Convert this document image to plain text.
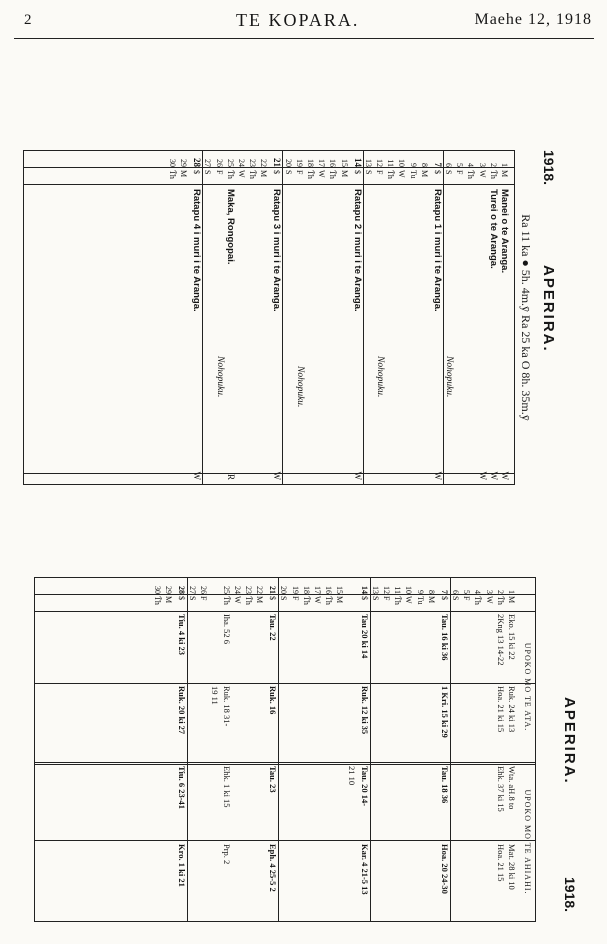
2	TE KOPARA.	Maehe 12, 1918
1918.
APERIRA.
Ra 11 ka ● 5h. 4m.ȳ Ra 25 ka O 8h. 35m.ȳ
1
M
Manei o te Aranga.
W
2
T̃h
Turei o te Aranga.
W
3
W
W
4
T̃h
5
F
6
S
Nohopuku.
7
$
Ratapu 1 i muri i te Aranga.
W
8
M
9
Tu
10
W
11
T̃h
12
F
Nohopuku.
13
S
14
$
Ratapu 2 i muri i te Aranga.
W
15
M
16
T̃h
17
W
18
T̃h
19
F
Nohopuku.
20
S
21
$
Ratapu 3 i muri i te Aranga.
W
22
M
23
T̃h
24
W
25
T̃h
Maka, Rongopai.
R
26
F
Nohopuku.
27
S
28
$
Ratapu 4 i muri i te Aranga.
W
29
M
30
T̃h
APERIRA.
1918.
UPOKO MO TE ATA.
UPOKO MO TE AHIAHI.
1
M
Eko. 15 ki 22
Ruk. 24 ki 13
Wta. aH.8 to
Mat. 28 ki 10
2
T̃h
2Kng 13 14-22
Hoa. 21 ki 15
Ehk. 37 ki 15
Hoa. 21 15
3
W
4
T̃h
5
F
6
S
7
$
Tau. 16 ki 36
1 Kri. 15 ki 29
Tau. 18 36
Hoa. 20 24-30
8
M
9
Tu
10
W
11
T̃h
12
F
13
S
14
$
Tau 20 ki 14
Ruk. 12 ki 35
Tau. 20 14-
Kar. 4 21-5 13
21 10
15
M
16
T̃h
17
W
18
T̃h
19
F
20
S
21
$
Tau. 22
Ruk. 16
Tau. 23
Eph. 4 25-5 2
22
M
23
T̃h
24
W
25
T̃h
Iha. 52 6
Ruk. 18 31-
Ehk. 1 ki 15
Prp. 2
19 11
26
F
27
S
28
$
Tiu. 4 ki 23
Ruk. 20 ki 27
Tiu. 6 23-41
Kro. 1 ki 21
29
M
30
T̃h
